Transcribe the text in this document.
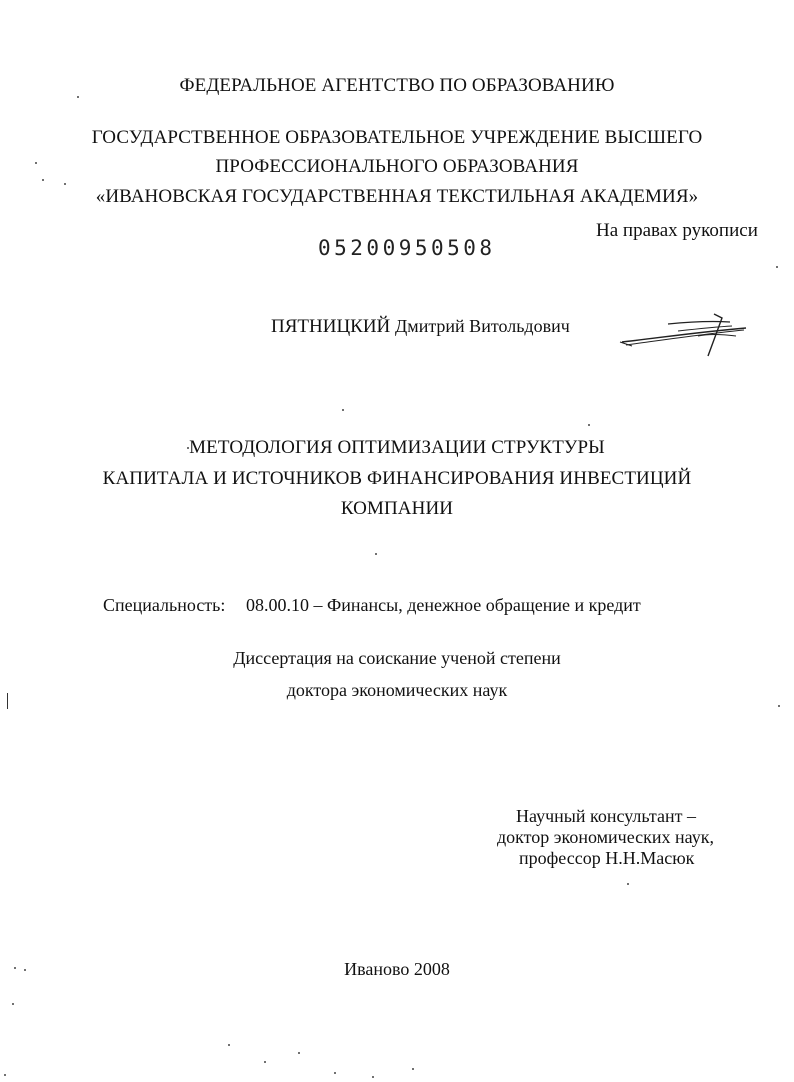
ФЕДЕРАЛЬНОЕ АГЕНТСТВО ПО ОБРАЗОВАНИЮ
ГОСУДАРСТВЕННОЕ ОБРАЗОВАТЕЛЬНОЕ УЧРЕЖДЕНИЕ ВЫСШЕГО
ПРОФЕССИОНАЛЬНОГО ОБРАЗОВАНИЯ
«ИВАНОВСКАЯ ГОСУДАРСТВЕННАЯ ТЕКСТИЛЬНАЯ АКАДЕМИЯ»
На правах рукописи
05200950508
ПЯТНИЦКИЙ Дмитрий Витольдович
МЕТОДОЛОГИЯ ОПТИМИЗАЦИИ СТРУКТУРЫ
КАПИТАЛА И ИСТОЧНИКОВ ФИНАНСИРОВАНИЯ ИНВЕСТИЦИЙ
КОМПАНИИ
Специальность: 08.00.10 – Финансы, денежное обращение и кредит
Диссертация на соискание ученой степени
доктора экономических наук
Научный консультант –
доктор экономических наук,
профессор Н.Н.Масюк
Иваново 2008
